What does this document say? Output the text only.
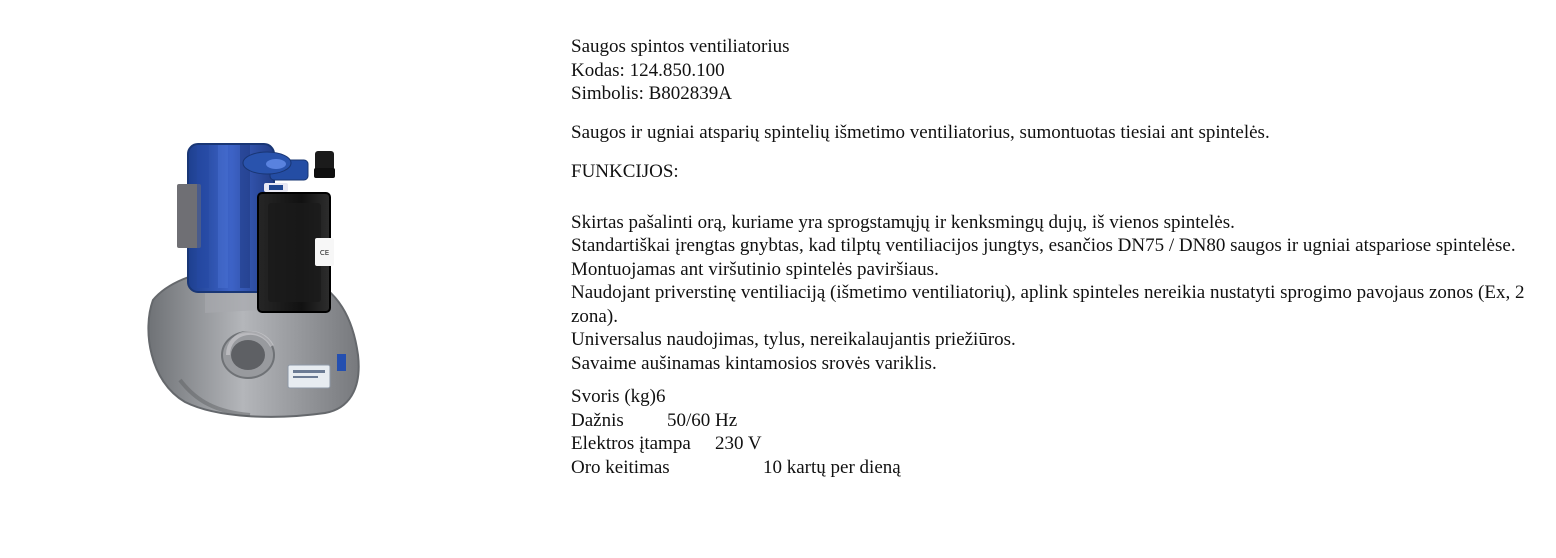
CE
Saugos spintos ventiliatorius
Kodas: 124.850.100
Simbolis: B802839A

Saugos ir ugniai atsparių spintelių išmetimo ventiliatorius, sumontuotas tiesiai ant spintelės.

FUNKCIJOS:
Skirtas pašalinti orą, kuriame yra sprogstamųjų ir kenksmingų dujų, iš vienos spintelės.
Standartiškai įrengtas gnybtas, kad tilptų ventiliacijos jungtys, esančios DN75 / DN80 saugos ir ugniai atspariose spintelėse.
Montuojamas ant viršutinio spintelės paviršiaus.
Naudojant priverstinę ventiliaciją (išmetimo ventiliatorių), aplink spinteles nereikia nustatyti sprogimo pavojaus zonos (Ex, 2 zona).
Universalus naudojimas, tylus, nereikalaujantis priežiūros.
Savaime aušinamas kintamosios srovės variklis.
Svoris (kg) 6
Dažnis	50/60 Hz
Elektros įtampa	230 V
Oro keitimas	10 kartų per dieną
